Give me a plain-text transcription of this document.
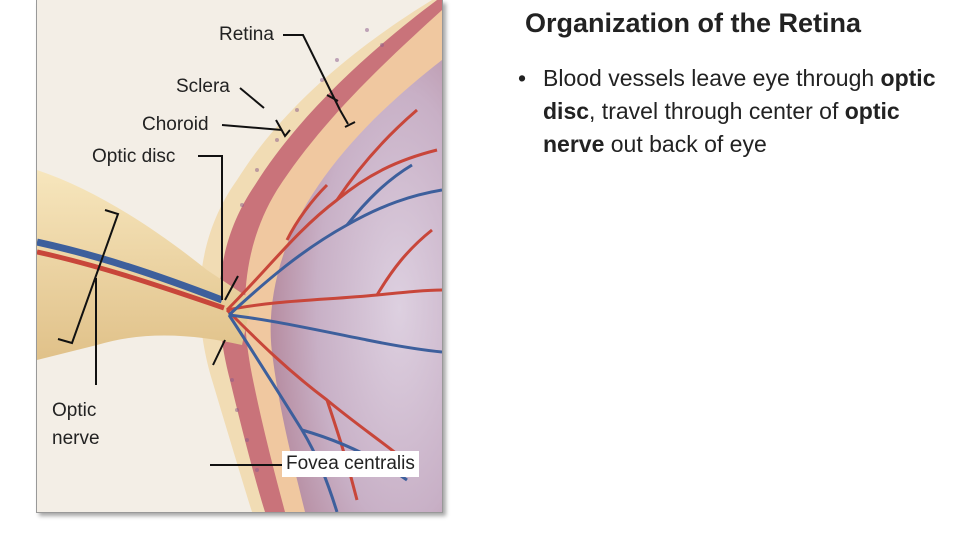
Retina
Sclera
Choroid
Optic disc
Optic
nerve
Fovea centralis
Organization of the Retina
• Blood vessels leave eye through optic disc, travel through center of optic nerve out back of eye
